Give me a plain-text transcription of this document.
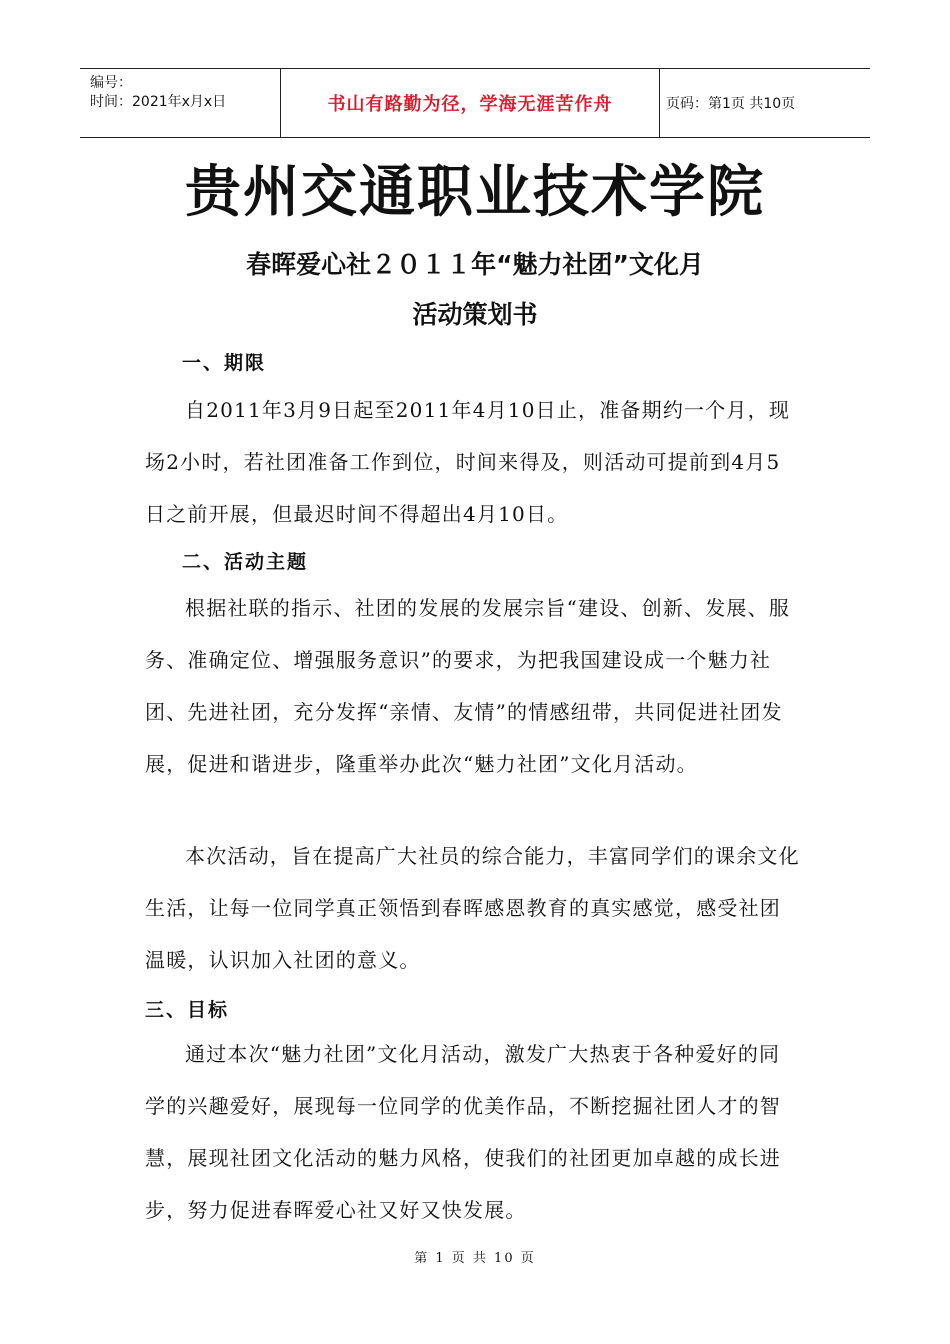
编号：
时间：2021年x月x日	书山有路勤为径，学海无涯苦作舟	页码：第1页 共10页
贵州交通职业技术学院
春晖爱心社２０１１年“魅力社团”文化月
活动策划书
一、期限

自2011年3月9日起至2011年4月10日止，准备期约一个月，现场2小时，若社团准备工作到位，时间来得及，则活动可提前到4月5日之前开展，但最迟时间不得超出4月10日。

二、活动主题

根据社联的指示、社团的发展的发展宗旨“建设、创新、发展、服务、准确定位、增强服务意识”的要求，为把我国建设成一个魅力社团、先进社团，充分发挥“亲情、友情”的情感纽带，共同促进社团发展，促进和谐进步，隆重举办此次“魅力社团”文化月活动。

本次活动，旨在提高广大社员的综合能力，丰富同学们的课余文化生活，让每一位同学真正领悟到春晖感恩教育的真实感觉，感受社团温暖，认识加入社团的意义。

三、目标

通过本次“魅力社团”文化月活动，激发广大热衷于各种爱好的同学的兴趣爱好，展现每一位同学的优美作品，不断挖掘社团人才的智慧，展现社团文化活动的魅力风格，使我们的社团更加卓越的成长进步，努力促进春晖爱心社又好又快发展。

第 1 页 共 10 页
